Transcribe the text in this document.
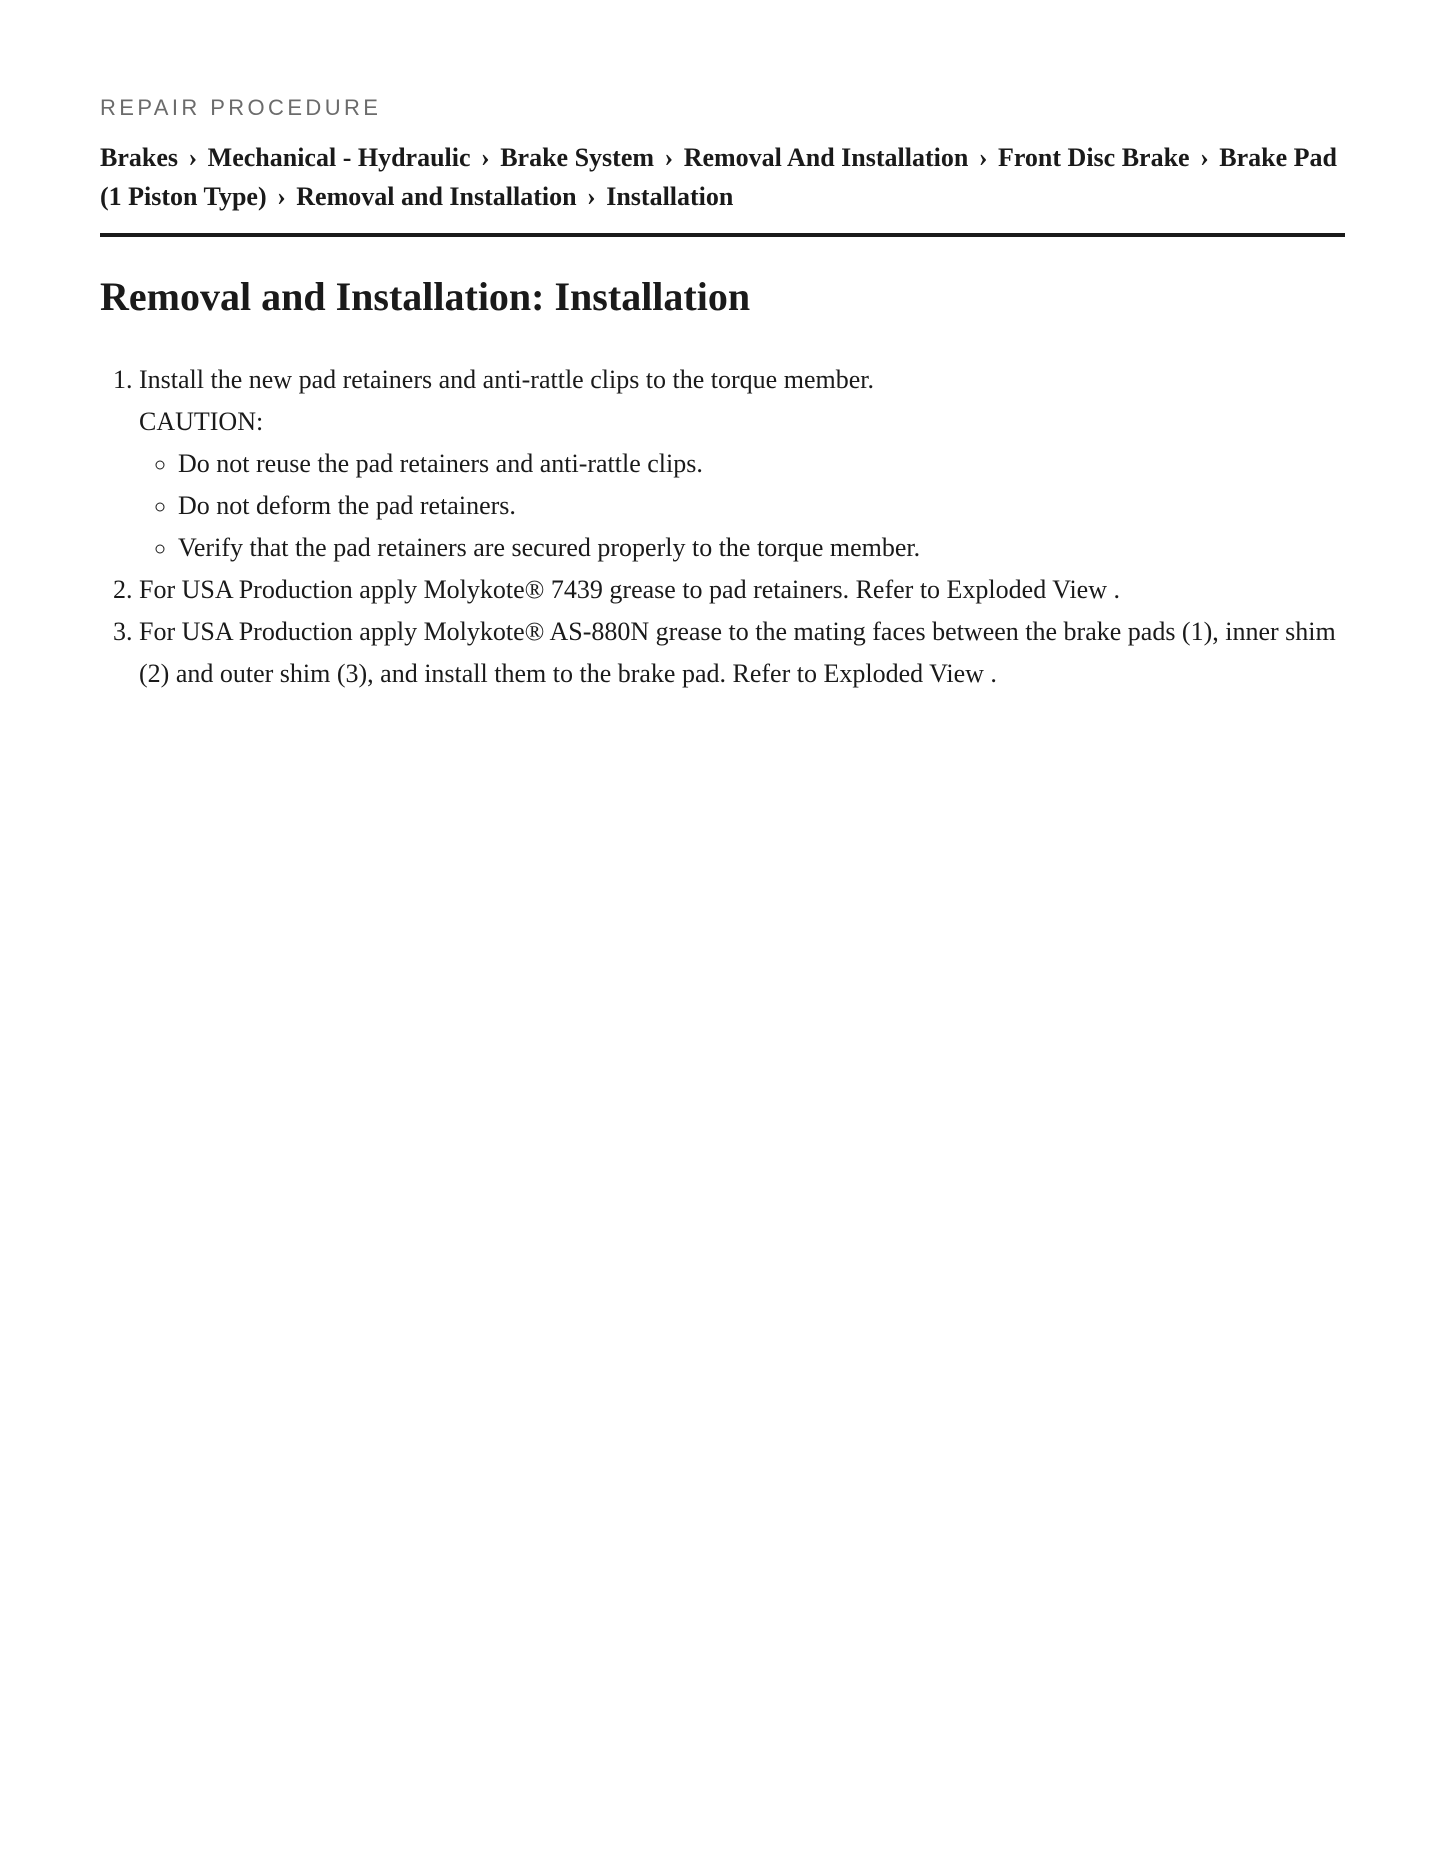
REPAIR PROCEDURE
Brakes › Mechanical - Hydraulic › Brake System › Removal And Installation › Front Disc Brake › Brake Pad (1 Piston Type) › Removal and Installation › Installation
Removal and Installation: Installation
1. Install the new pad retainers and anti-rattle clips to the torque member.
CAUTION:
◦ Do not reuse the pad retainers and anti-rattle clips.
◦ Do not deform the pad retainers.
◦ Verify that the pad retainers are secured properly to the torque member.
2. For USA Production apply Molykote® 7439 grease to pad retainers. Refer to Exploded View .
3. For USA Production apply Molykote® AS-880N grease to the mating faces between the brake pads (1), inner shim (2) and outer shim (3), and install them to the brake pad. Refer to Exploded View .
